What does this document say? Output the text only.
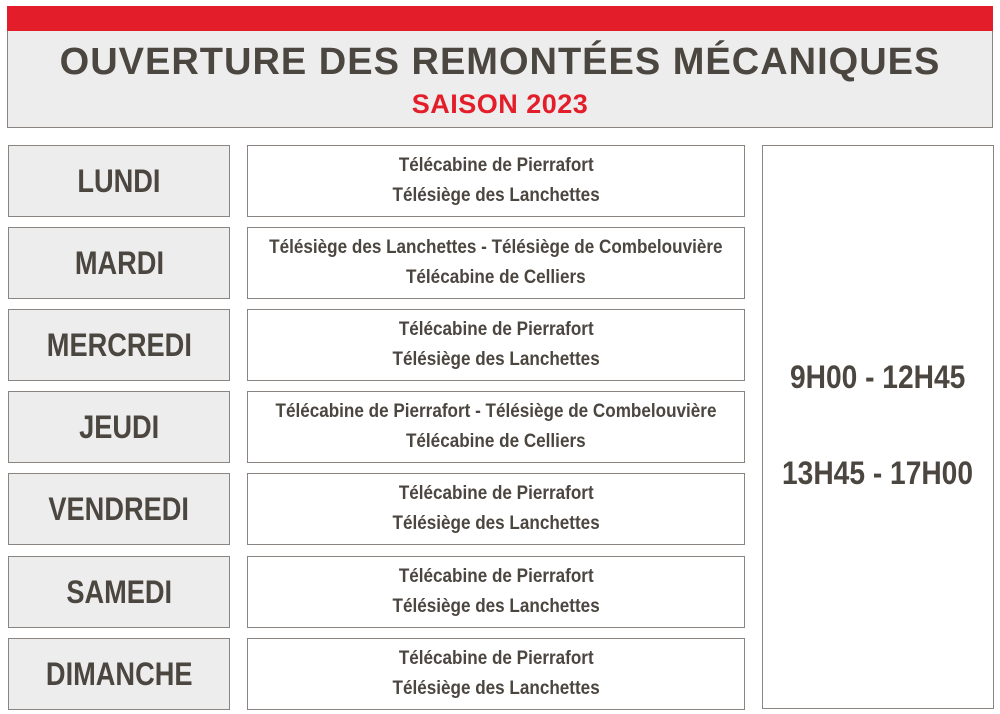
OUVERTURE DES REMONTÉES MÉCANIQUES
SAISON 2023
LUNDI	Télécabine de Pierrafort
Télésiège des Lanchettes
MARDI	Télésiège des Lanchettes - Télésiège de Combelouvière
Télécabine de Celliers
MERCREDI	Télécabine de Pierrafort
Télésiège des Lanchettes
JEUDI	Télécabine de Pierrafort - Télésiège de Combelouvière
Télécabine de Celliers
VENDREDI	Télécabine de Pierrafort
Télésiège des Lanchettes
SAMEDI	Télécabine de Pierrafort
Télésiège des Lanchettes
DIMANCHE	Télécabine de Pierrafort
Télésiège des Lanchettes
9H00 - 12H45
13H45 - 17H00
